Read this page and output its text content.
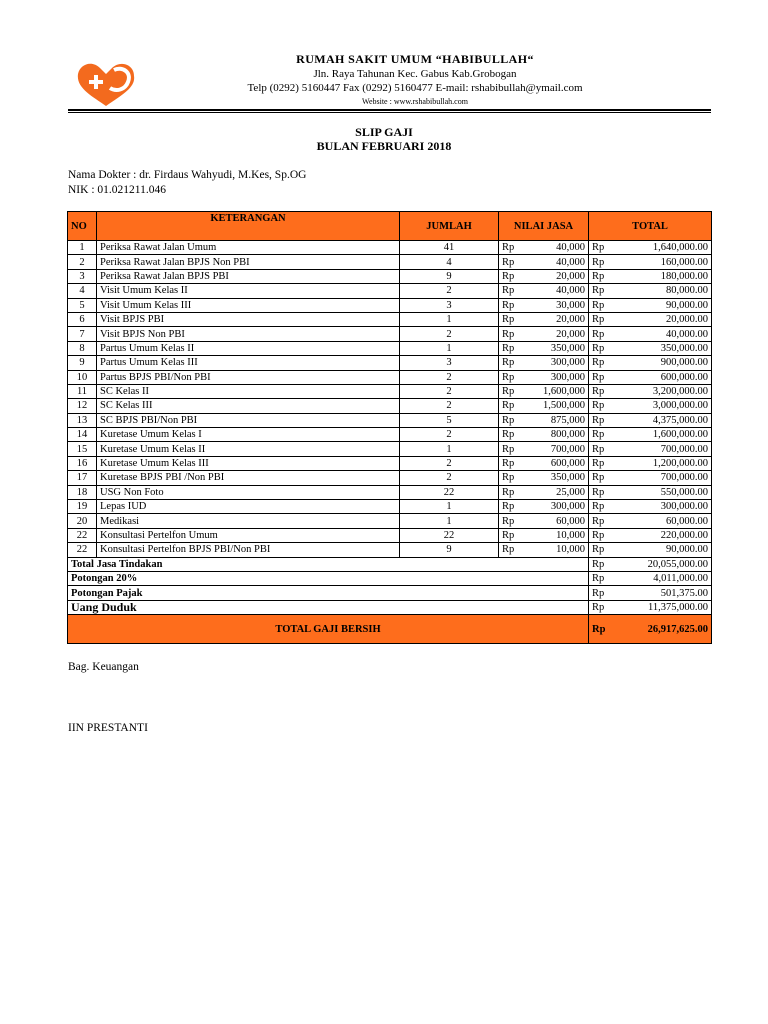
RUMAH SAKIT UMUM “HABIBULLAH“
Jln. Raya Tahunan Kec. Gabus Kab.Grobogan
Telp (0292) 5160447 Fax (0292) 5160477 E-mail: rshabibullah@ymail.com
Website : www.rshabibullah.com
SLIP GAJI
BULAN FEBRUARI 2018
Nama Dokter : dr. Firdaus Wahyudi, M.Kes, Sp.OG
NIK : 01.021211.046
NO	KETERANGAN	JUMLAH	NILAI JASA		TOTAL	
1	Periksa Rawat Jalan Umum	41	Rp	40,000	Rp	1,640,000.00
2	Periksa Rawat Jalan BPJS Non PBI	4	Rp	40,000	Rp	160,000.00
3	Periksa Rawat Jalan BPJS PBI	9	Rp	20,000	Rp	180,000.00
4	Visit Umum Kelas II	2	Rp	40,000	Rp	80,000.00
5	Visit Umum Kelas III	3	Rp	30,000	Rp	90,000.00
6	Visit BPJS PBI	1	Rp	20,000	Rp	20,000.00
7	Visit BPJS Non PBI	2	Rp	20,000	Rp	40,000.00
8	Partus Umum Kelas II	1	Rp	350,000	Rp	350,000.00
9	Partus Umum Kelas III	3	Rp	300,000	Rp	900,000.00
10	Partus BPJS PBI/Non PBI	2	Rp	300,000	Rp	600,000.00
11	SC Kelas II	2	Rp	1,600,000	Rp	3,200,000.00
12	SC Kelas III	2	Rp	1,500,000	Rp	3,000,000.00
13	SC BPJS PBI/Non PBI	5	Rp	875,000	Rp	4,375,000.00
14	Kuretase Umum Kelas I	2	Rp	800,000	Rp	1,600,000.00
15	Kuretase Umum Kelas II	1	Rp	700,000	Rp	700,000.00
16	Kuretase Umum Kelas III	2	Rp	600,000	Rp	1,200,000.00
17	Kuretase BPJS PBI /Non PBI	2	Rp	350,000	Rp	700,000.00
18	USG Non Foto	22	Rp	25,000	Rp	550,000.00
19	Lepas IUD	1	Rp	300,000	Rp	300,000.00
20	Medikasi	1	Rp	60,000	Rp	60,000.00
22	Konsultasi Pertelfon Umum	22	Rp	10,000	Rp	220,000.00
22	Konsultasi Pertelfon BPJS PBI/Non PBI	9	Rp	10,000	Rp	90,000.00
Total Jasa Tindakan					Rp	20,055,000.00
Potongan 20%					Rp	4,011,000.00
Potongan Pajak					Rp	501,375.00
Uang Duduk					Rp	11,375,000.00
TOTAL GAJI BERSIH					Rp	26,917,625.00
Bag. Keuangan
IIN PRESTANTI
